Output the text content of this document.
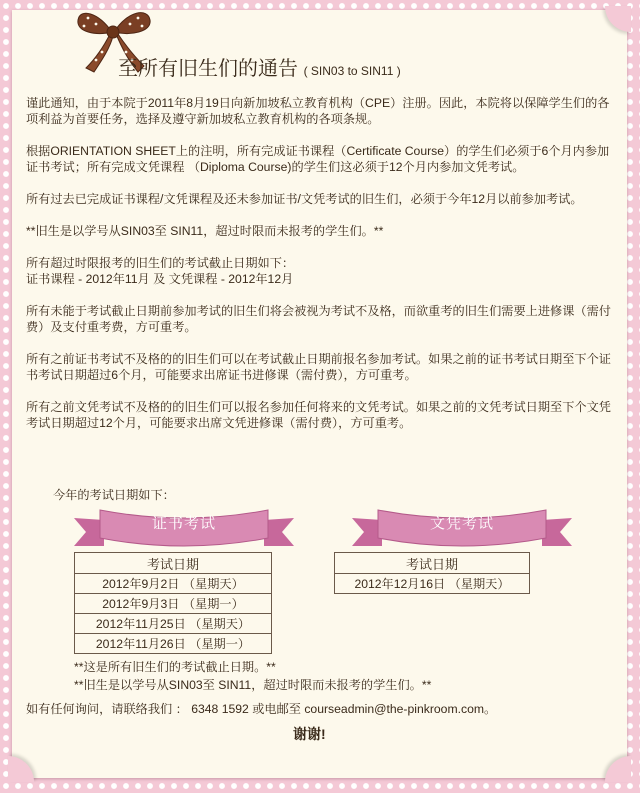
至所有旧生们的通告 ( SIN03 to SIN11 )

谨此通知，由于本院于2011年8月19日向新加坡私立教育机构（CPE）注册。因此，本院将以保障学生们的各项利益为首要任务，选择及遵守新加坡私立教育机构的各项条规。

根据ORIENTATION SHEET上的注明，所有完成证书课程（Certificate Course）的学生们必须于6个月内参加证书考试；所有完成文凭课程 （Diploma Course)的学生们这必须于12个月内参加文凭考试。

所有过去已完成证书课程/文凭课程及还未参加证书/文凭考试的旧生们，必须于今年12月以前参加考试。

**旧生是以学号从SIN03至 SIN11，超过时限而未报考的学生们。**

所有超过时限报考的旧生们的考试截止日期如下：
证书课程 - 2012年11月 及 文凭课程 - 2012年12月

所有未能于考试截止日期前参加考试的旧生们将会被视为考试不及格，而欲重考的旧生们需要上进修课（需付费）及支付重考费，方可重考。

所有之前证书考试不及格的的旧生们可以在考试截止日期前报名参加考试。如果之前的证书考试日期至下个证书考试日期超过6个月，可能要求出席证书进修课（需付费），方可重考。

所有之前文凭考试不及格的的旧生们可以报名参加任何将来的文凭考试。如果之前的文凭考试日期至下个文凭考试日期超过12个月，可能要求出席文凭进修课（需付费），方可重考。

今年的考试日期如下：
证书考试	文凭考试
考试日期
2012年9月2日 （星期天）
2012年9月3日 （星期一）
2012年11月25日 （星期天）
2012年11月26日 （星期一）
考试日期
2012年12月16日 （星期天）
**这是所有旧生们的考试截止日期。**
**旧生是以学号从SIN03至 SIN11，超过时限而未报考的学生们。**
如有任何询问，请联络我们 ： 6348 1592 或电邮至 courseadmin@the-pinkroom.com。
谢谢!
